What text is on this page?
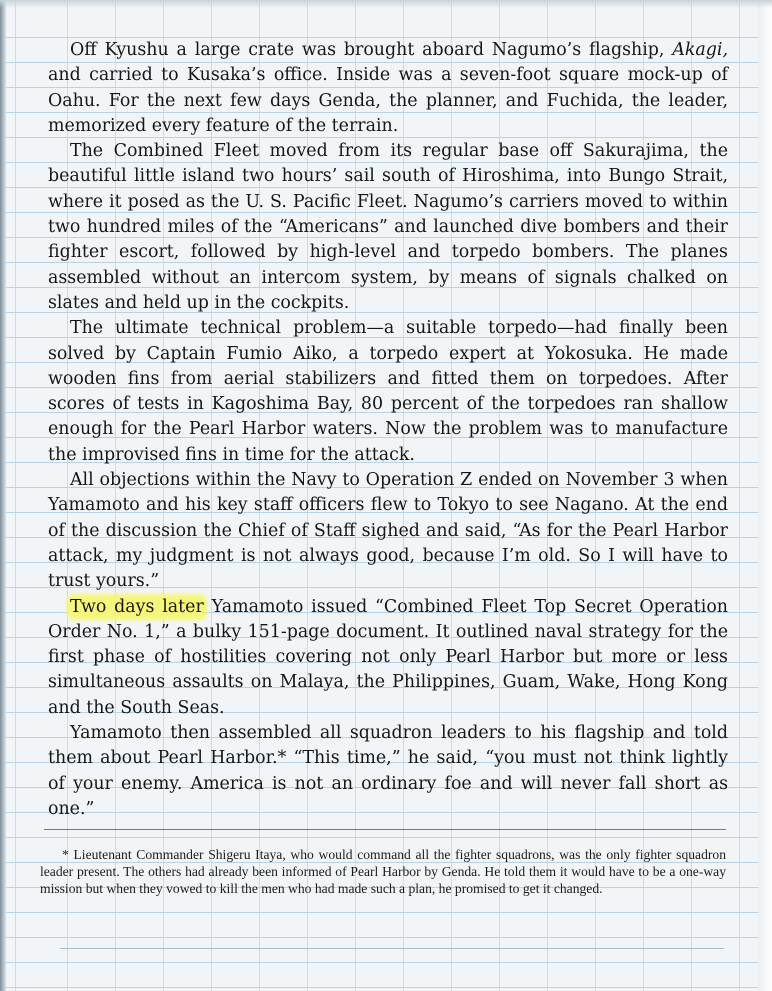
Off Kyushu a large crate was brought aboard Nagumo’s flagship, Akagi, and carried to Kusaka’s office. Inside was a seven-foot square mock-up of Oahu. For the next few days Genda, the planner, and Fuchida, the leader, memorized every feature of the terrain.

The Combined Fleet moved from its regular base off Sakurajima, the beautiful little island two hours’ sail south of Hiroshima, into Bungo Strait, where it posed as the U. S. Pacific Fleet. Nagumo’s carriers moved to within two hundred miles of the “Americans” and launched dive bombers and their fighter escort, followed by high-level and torpedo bombers. The planes assembled without an intercom system, by means of signals chalked on slates and held up in the cockpits.

The ultimate technical problem—a suitable torpedo—had finally been solved by Captain Fumio Aiko, a torpedo expert at Yokosuka. He made wooden fins from aerial stabilizers and fitted them on torpedoes. After scores of tests in Kagoshima Bay, 80 percent of the torpedoes ran shallow enough for the Pearl Harbor waters. Now the problem was to manufacture the improvised fins in time for the attack.

All objections within the Navy to Operation Z ended on November 3 when Yamamoto and his key staff officers flew to Tokyo to see Nagano. At the end of the discussion the Chief of Staff sighed and said, “As for the Pearl Harbor attack, my judgment is not always good, because I’m old. So I will have to trust yours.”

Two days later Yamamoto issued “Combined Fleet Top Secret Operation Order No. 1,” a bulky 151-page document. It outlined naval strategy for the first phase of hostilities covering not only Pearl Harbor but more or less simultaneous assaults on Malaya, the Philippines, Guam, Wake, Hong Kong and the South Seas.

Yamamoto then assembled all squadron leaders to his flagship and told them about Pearl Harbor.* “This time,” he said, “you must not think lightly of your enemy. America is not an ordinary foe and will never fall short as one.”

* Lieutenant Commander Shigeru Itaya, who would command all the fighter squadrons, was the only fighter squadron leader present. The others had already been informed of Pearl Harbor by Genda. He told them it would have to be a one-way mission but when they vowed to kill the men who had made such a plan, he promised to get it changed.
